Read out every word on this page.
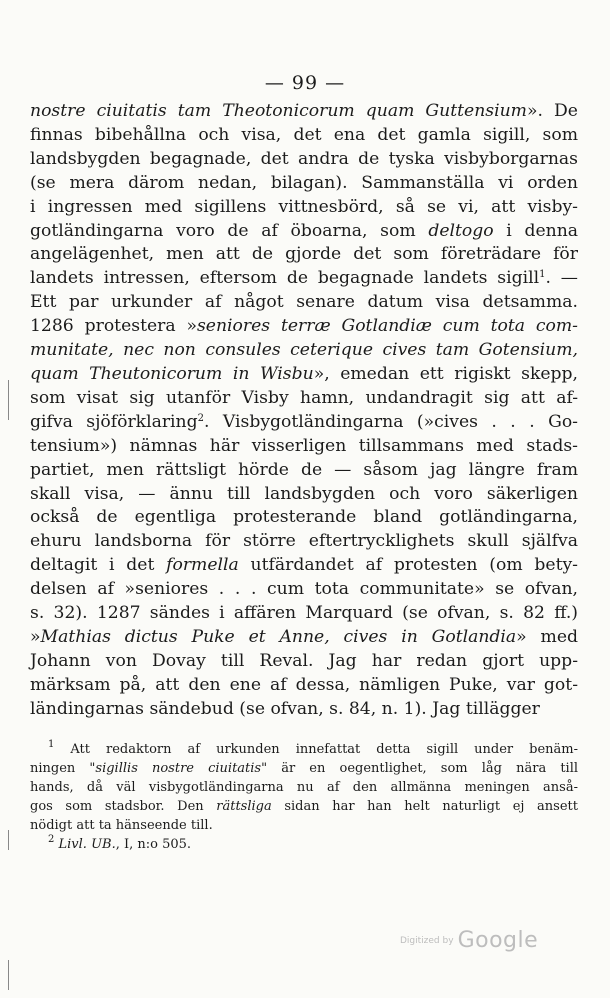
— 99 —
nostre ciuitatis tam Theotonicorum quam Guttensium». De
finnas bibehållna och visa, det ena det gamla sigill, som
landsbygden begagnade, det andra de tyska visbyborgarnas
(se mera därom nedan, bilagan). Sammanställa vi orden
i ingressen med sigillens vittnesbörd, så se vi, att visby-
gotländingarna voro de af öboarna, som deltogo i denna
angelägenhet, men att de gjorde det som företrädare för
landets intressen, eftersom de begagnade landets sigill$^1$. —
Ett par urkunder af något senare datum visa detsamma.
1286 protestera »seniores terræ Gotlandiæ cum tota com-
munitate, nec non consules ceterique cives tam Gotensium,
quam Theutonicorum in Wisbu», emedan ett rigiskt skepp,
som visat sig utanför Visby hamn, undandragit sig att af-
gifva sjöförklaring$^2$. Visbygotländingarna (»cives . . . Go-
tensium») nämnas här visserligen tillsammans med stads-
partiet, men rättsligt hörde de — såsom jag längre fram
skall visa, — ännu till landsbygden och voro säkerligen
också de egentliga protesterande bland gotländingarna,
ehuru landsborna för större eftertrycklighets skull själfva
deltagit i det formella utfärdandet af protesten (om bety-
delsen af »seniores . . . cum tota communitate» se ofvan,
s. 32). 1287 sändes i affären Marquard (se ofvan, s. 82 ff.)
»Mathias dictus Puke et Anne, cives in Gotlandia» med
Johann von Dovay till Reval. Jag har redan gjort upp-
märksam på, att den ene af dessa, nämligen Puke, var got-
ländingarnas sändebud (se ofvan, s. 84, n. 1). Jag tillägger
$^1$ Att redaktorn af urkunden innefattat detta sigill under benäm-
ningen "sigillis nostre ciuitatis" är en oegentlighet, som låg nära till
hands, då väl visbygotländingarna nu af den allmänna meningen anså-
gos som stadsbor. Den rättsliga sidan har han helt naturligt ej ansett
nödigt att ta hänseende till.
$^2$ Livl. UB., I, n:o 505.
$^{Digitized by}$ Google
